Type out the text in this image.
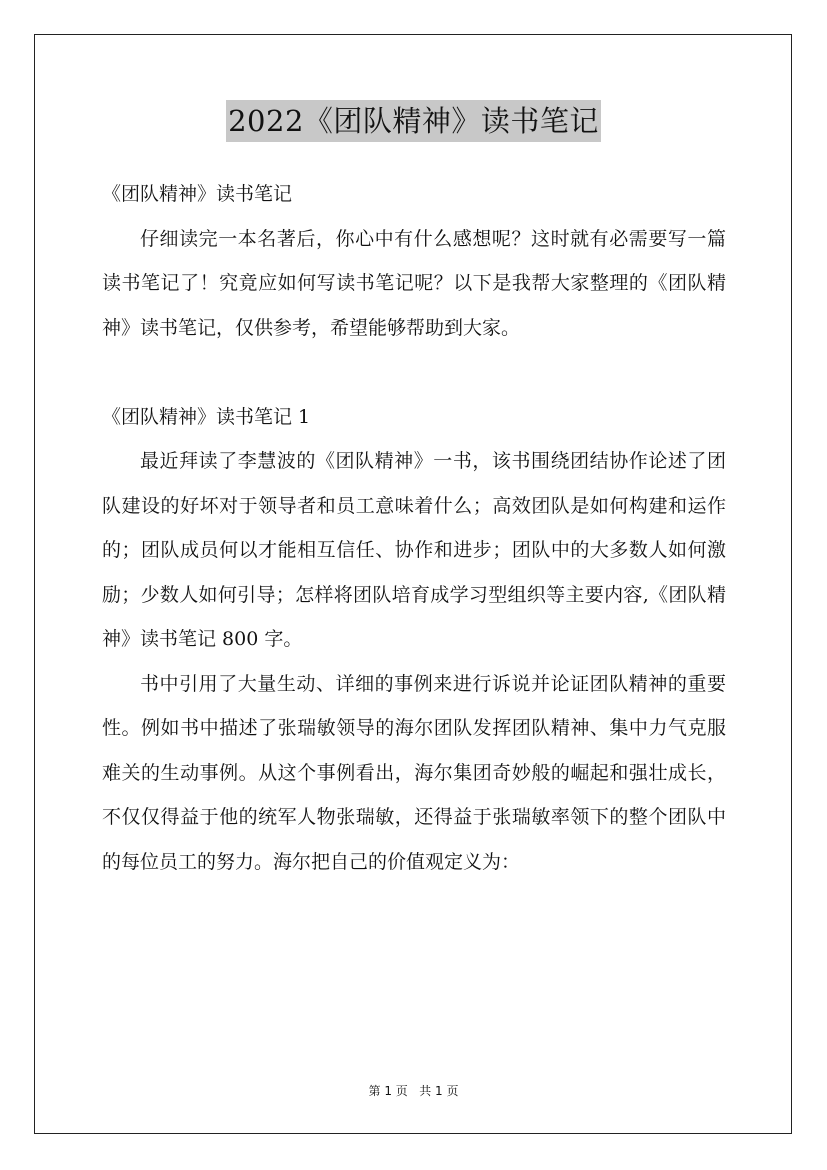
2022《团队精神》读书笔记

《团队精神》读书笔记

仔细读完一本名著后，你心中有什么感想呢？这时就有必需要写一篇读书笔记了！究竟应如何写读书笔记呢？以下是我帮大家整理的《团队精神》读书笔记，仅供参考，希望能够帮助到大家。

《团队精神》读书笔记 1

最近拜读了李慧波的《团队精神》一书，该书围绕团结协作论述了团队建设的好坏对于领导者和员工意味着什么；高效团队是如何构建和运作的；团队成员何以才能相互信任、协作和进步；团队中的大多数人如何激励；少数人如何引导；怎样将团队培育成学习型组织等主要内容,《团队精神》读书笔记 800 字。

书中引用了大量生动、详细的事例来进行诉说并论证团队精神的重要性。例如书中描述了张瑞敏领导的海尔团队发挥团队精神、集中力气克服难关的生动事例。从这个事例看出，海尔集团奇妙般的崛起和强壮成长，不仅仅得益于他的统军人物张瑞敏，还得益于张瑞敏率领下的整个团队中的每位员工的努力。海尔把自己的价值观定义为：

第 1 页 共 1 页
